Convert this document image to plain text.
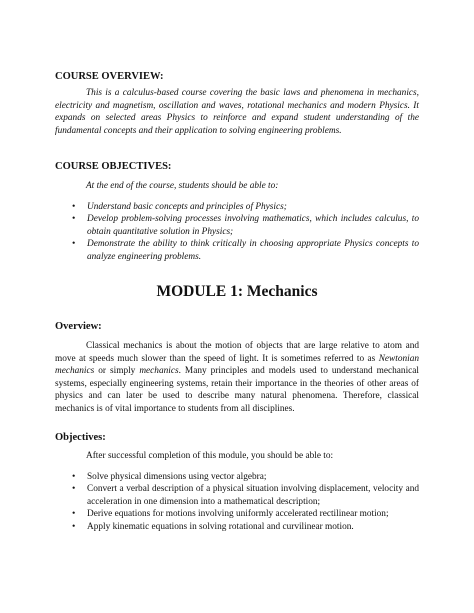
COURSE OVERVIEW:

This is a calculus-based course covering the basic laws and phenomena in mechanics, electricity and magnetism, oscillation and waves, rotational mechanics and modern Physics. It expands on selected areas Physics to reinforce and expand student understanding of the fundamental concepts and their application to solving engineering problems.

COURSE OBJECTIVES:

At the end of the course, students should be able to:

• Understand basic concepts and principles of Physics;
• Develop problem-solving processes involving mathematics, which includes calculus, to obtain quantitative solution in Physics;
• Demonstrate the ability to think critically in choosing appropriate Physics concepts to analyze engineering problems.

MODULE 1: Mechanics

Overview:

Classical mechanics is about the motion of objects that are large relative to atom and move at speeds much slower than the speed of light. It is sometimes referred to as Newtonian mechanics or simply mechanics. Many principles and models used to understand mechanical systems, especially engineering systems, retain their importance in the theories of other areas of physics and can later be used to describe many natural phenomena. Therefore, classical mechanics is of vital importance to students from all disciplines.

Objectives:

After successful completion of this module, you should be able to:

• Solve physical dimensions using vector algebra;
• Convert a verbal description of a physical situation involving displacement, velocity and acceleration in one dimension into a mathematical description;
• Derive equations for motions involving uniformly accelerated rectilinear motion;
• Apply kinematic equations in solving rotational and curvilinear motion.
